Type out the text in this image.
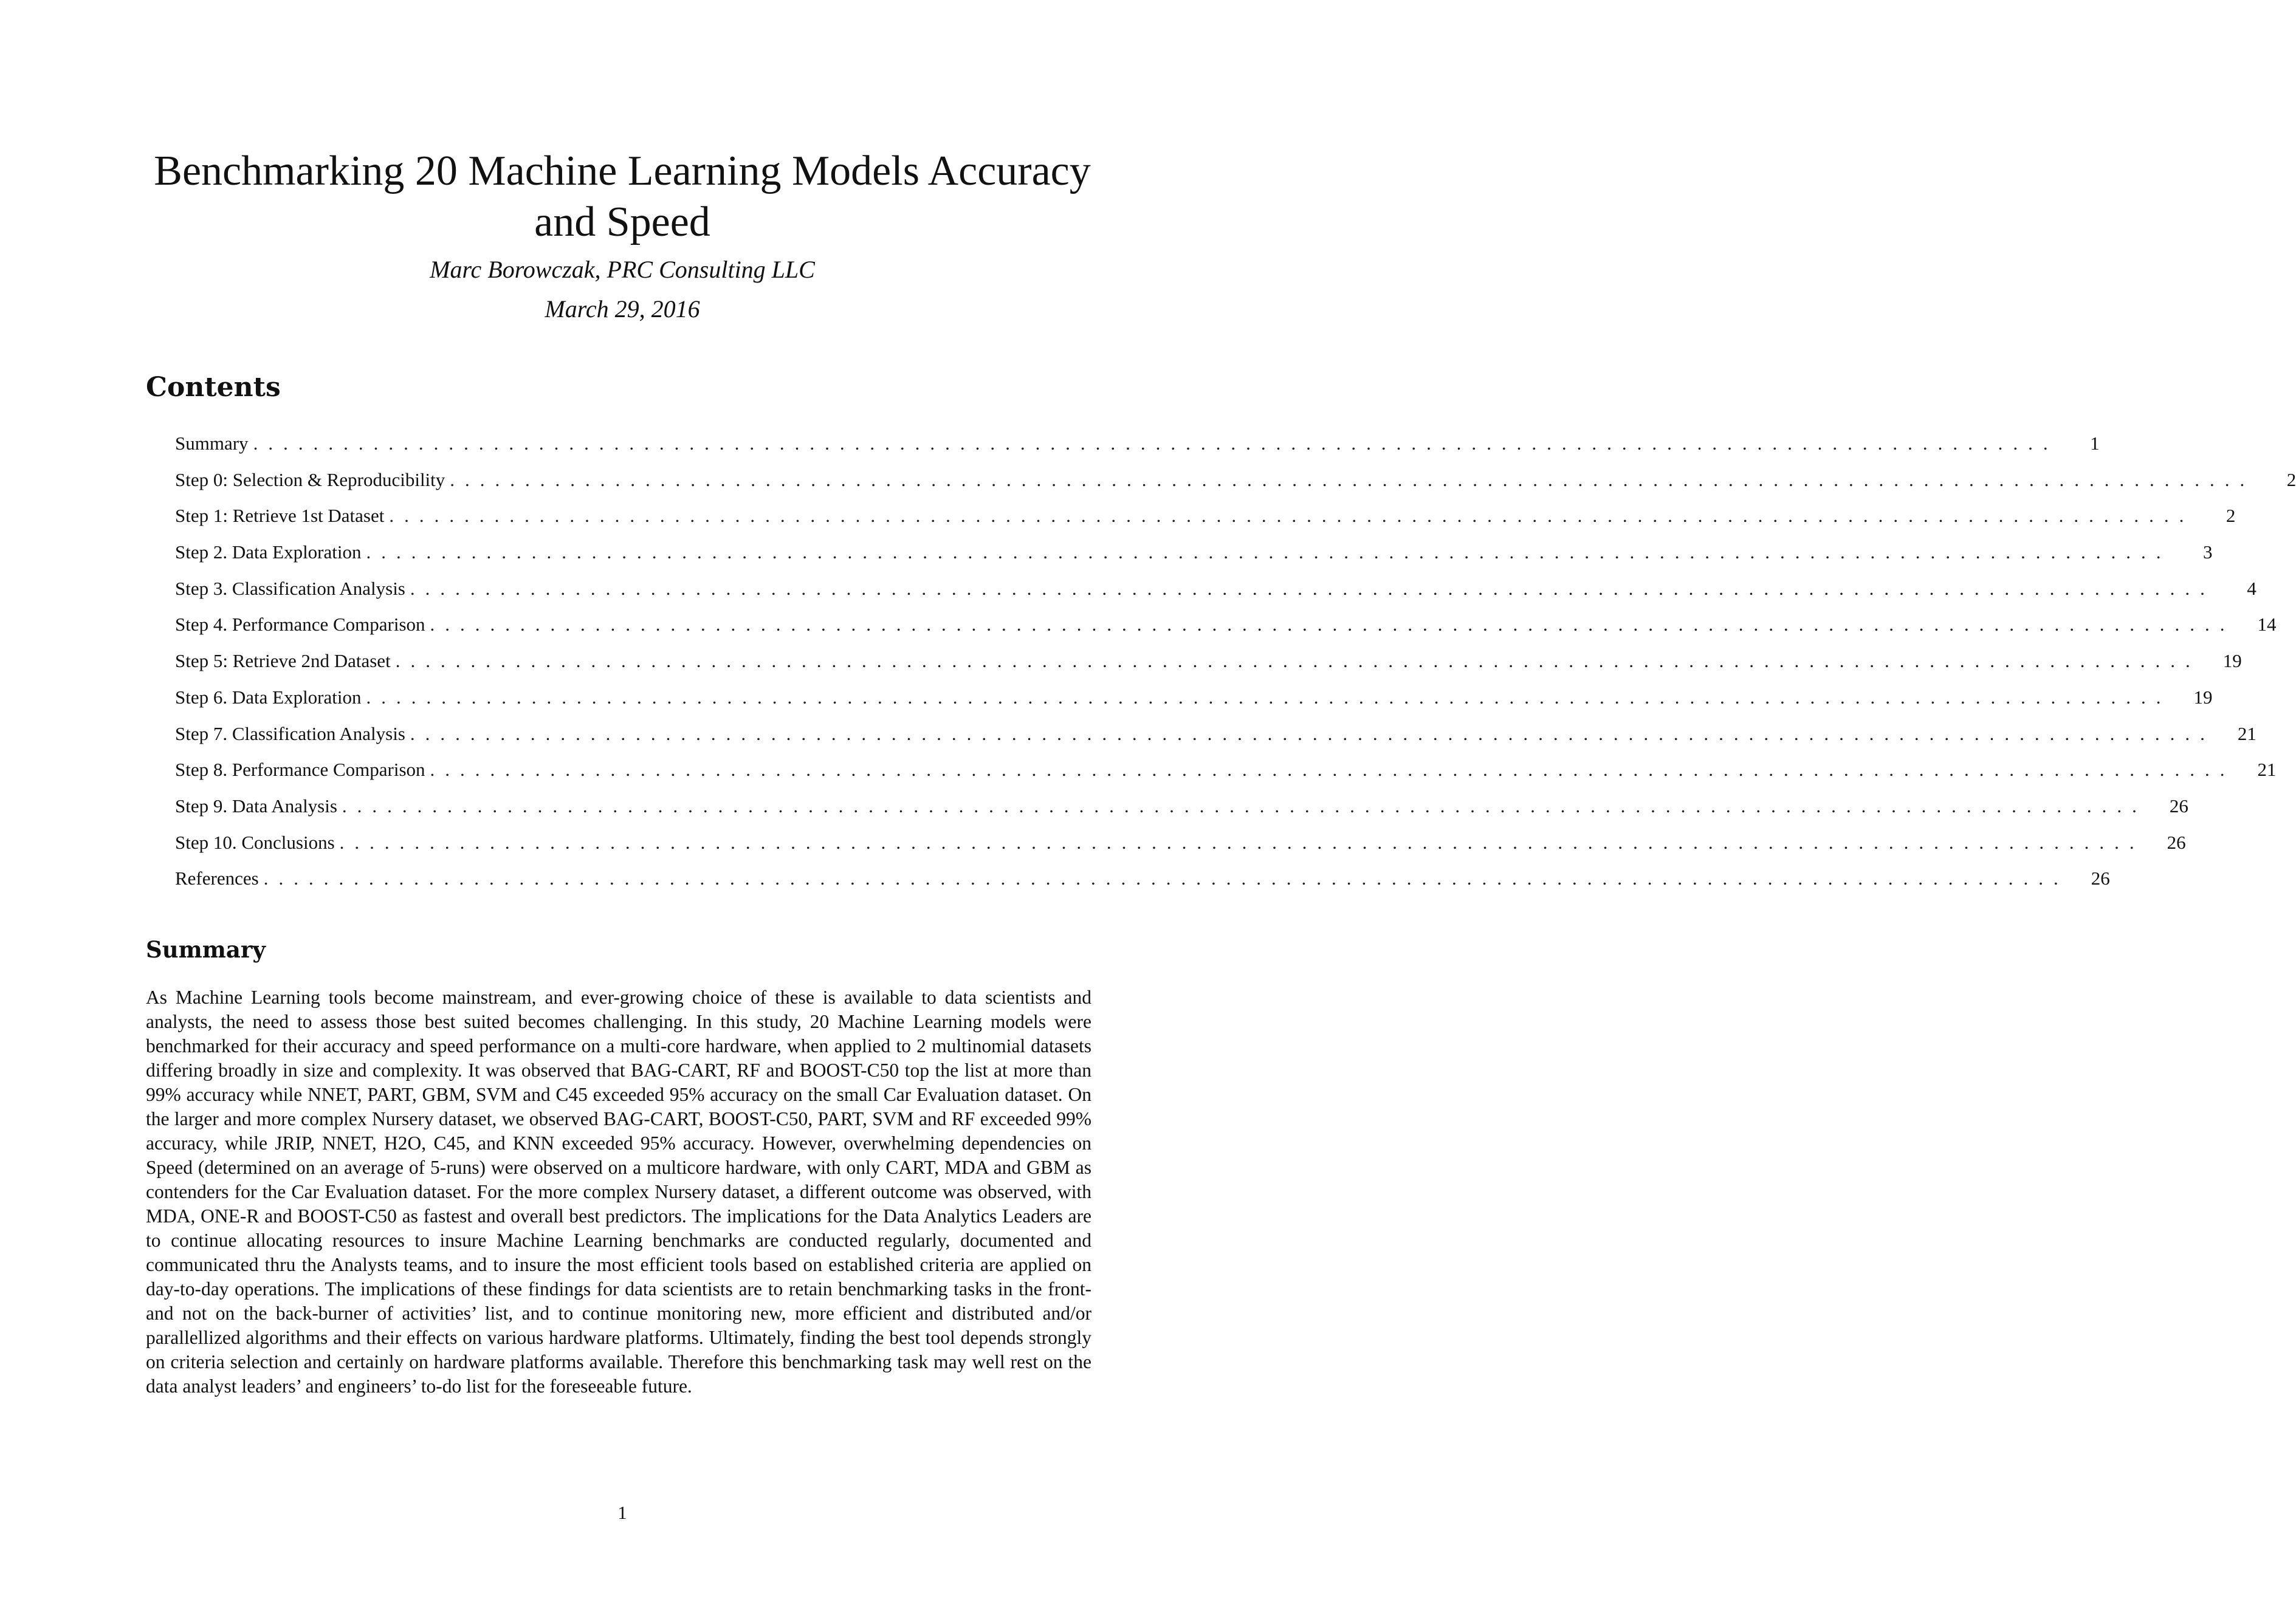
Benchmarking 20 Machine Learning Models Accuracy and Speed
Marc Borowczak, PRC Consulting LLC
March 29, 2016
Contents
Summary ........................................................................................................................	1
Step 0: Selection & Reproducibility ........................................................................................................................	2
Step 1: Retrieve 1st Dataset ........................................................................................................................	2
Step 2. Data Exploration ........................................................................................................................	3
Step 3. Classification Analysis ........................................................................................................................	4
Step 4. Performance Comparison ........................................................................................................................ 14
Step 5: Retrieve 2nd Dataset ........................................................................................................................ 19
Step 6. Data Exploration ........................................................................................................................ 19
Step 7. Classification Analysis ........................................................................................................................ 21
Step 8. Performance Comparison ........................................................................................................................ 21
Step 9. Data Analysis ........................................................................................................................ 26
Step 10. Conclusions ........................................................................................................................ 26
References ........................................................................................................................ 26
Summary

As Machine Learning tools become mainstream, and ever-growing choice of these is available to data scientists and analysts, the need to assess those best suited becomes challenging. In this study, 20 Machine Learning models were benchmarked for their accuracy and speed performance on a multi-core hardware, when applied to 2 multinomial datasets differing broadly in size and complexity. It was observed that BAG-CART, RF and BOOST-C50 top the list at more than 99% accuracy while NNET, PART, GBM, SVM and C45 exceeded 95% accuracy on the small Car Evaluation dataset. On the larger and more complex Nursery dataset, we observed BAG-CART, BOOST-C50, PART, SVM and RF exceeded 99% accuracy, while JRIP, NNET, H2O, C45, and KNN exceeded 95% accuracy. However, overwhelming dependencies on Speed (determined on an average of 5-runs) were observed on a multicore hardware, with only CART, MDA and GBM as contenders for the Car Evaluation dataset. For the more complex Nursery dataset, a different outcome was observed, with MDA, ONE-R and BOOST-C50 as fastest and overall best predictors. The implications for the Data Analytics Leaders are to continue allocating resources to insure Machine Learning benchmarks are conducted regularly, documented and communicated thru the Analysts teams, and to insure the most efficient tools based on established criteria are applied on day-to-day operations. The implications of these findings for data scientists are to retain benchmarking tasks in the front- and not on the back-burner of activities’ list, and to continue monitoring new, more efficient and distributed and/or parallellized algorithms and their effects on various hardware platforms. Ultimately, finding the best tool depends strongly on criteria selection and certainly on hardware platforms available. Therefore this benchmarking task may well rest on the data analyst leaders’ and engineers’ to-do list for the foreseeable future.

1
